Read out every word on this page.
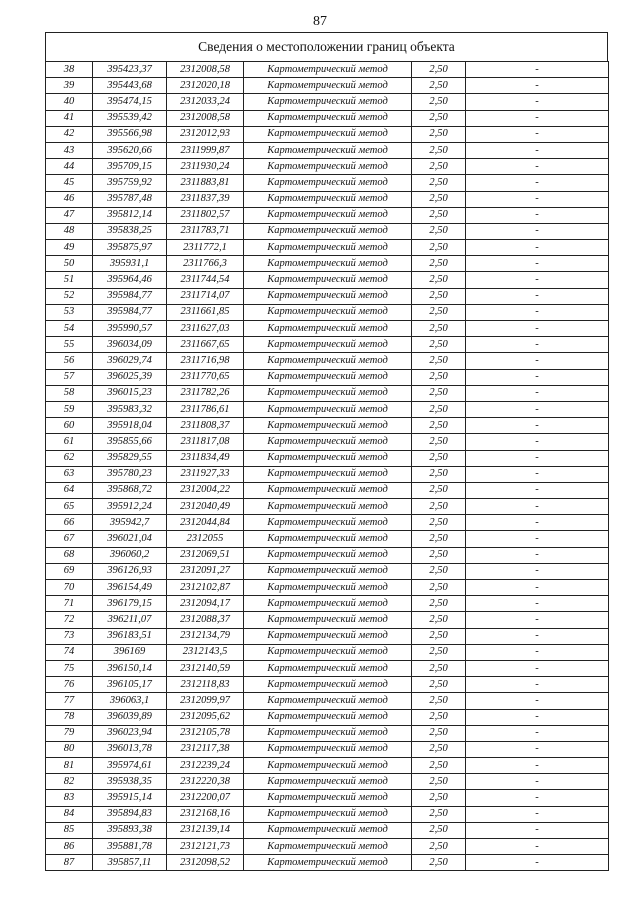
87
Сведения о местоположении границ объекта
38	395423,37	2312008,58	Картометрический метод	2,50	-
39	395443,68	2312020,18	Картометрический метод	2,50	-
40	395474,15	2312033,24	Картометрический метод	2,50	-
41	395539,42	2312008,58	Картометрический метод	2,50	-
42	395566,98	2312012,93	Картометрический метод	2,50	-
43	395620,66	2311999,87	Картометрический метод	2,50	-
44	395709,15	2311930,24	Картометрический метод	2,50	-
45	395759,92	2311883,81	Картометрический метод	2,50	-
46	395787,48	2311837,39	Картометрический метод	2,50	-
47	395812,14	2311802,57	Картометрический метод	2,50	-
48	395838,25	2311783,71	Картометрический метод	2,50	-
49	395875,97	2311772,1	Картометрический метод	2,50	-
50	395931,1	2311766,3	Картометрический метод	2,50	-
51	395964,46	2311744,54	Картометрический метод	2,50	-
52	395984,77	2311714,07	Картометрический метод	2,50	-
53	395984,77	2311661,85	Картометрический метод	2,50	-
54	395990,57	2311627,03	Картометрический метод	2,50	-
55	396034,09	2311667,65	Картометрический метод	2,50	-
56	396029,74	2311716,98	Картометрический метод	2,50	-
57	396025,39	2311770,65	Картометрический метод	2,50	-
58	396015,23	2311782,26	Картометрический метод	2,50	-
59	395983,32	2311786,61	Картометрический метод	2,50	-
60	395918,04	2311808,37	Картометрический метод	2,50	-
61	395855,66	2311817,08	Картометрический метод	2,50	-
62	395829,55	2311834,49	Картометрический метод	2,50	-
63	395780,23	2311927,33	Картометрический метод	2,50	-
64	395868,72	2312004,22	Картометрический метод	2,50	-
65	395912,24	2312040,49	Картометрический метод	2,50	-
66	395942,7	2312044,84	Картометрический метод	2,50	-
67	396021,04	2312055	Картометрический метод	2,50	-
68	396060,2	2312069,51	Картометрический метод	2,50	-
69	396126,93	2312091,27	Картометрический метод	2,50	-
70	396154,49	2312102,87	Картометрический метод	2,50	-
71	396179,15	2312094,17	Картометрический метод	2,50	-
72	396211,07	2312088,37	Картометрический метод	2,50	-
73	396183,51	2312134,79	Картометрический метод	2,50	-
74	396169	2312143,5	Картометрический метод	2,50	-
75	396150,14	2312140,59	Картометрический метод	2,50	-
76	396105,17	2312118,83	Картометрический метод	2,50	-
77	396063,1	2312099,97	Картометрический метод	2,50	-
78	396039,89	2312095,62	Картометрический метод	2,50	-
79	396023,94	2312105,78	Картометрический метод	2,50	-
80	396013,78	2312117,38	Картометрический метод	2,50	-
81	395974,61	2312239,24	Картометрический метод	2,50	-
82	395938,35	2312220,38	Картометрический метод	2,50	-
83	395915,14	2312200,07	Картометрический метод	2,50	-
84	395894,83	2312168,16	Картометрический метод	2,50	-
85	395893,38	2312139,14	Картометрический метод	2,50	-
86	395881,78	2312121,73	Картометрический метод	2,50	-
87	395857,11	2312098,52	Картометрический метод	2,50	-
